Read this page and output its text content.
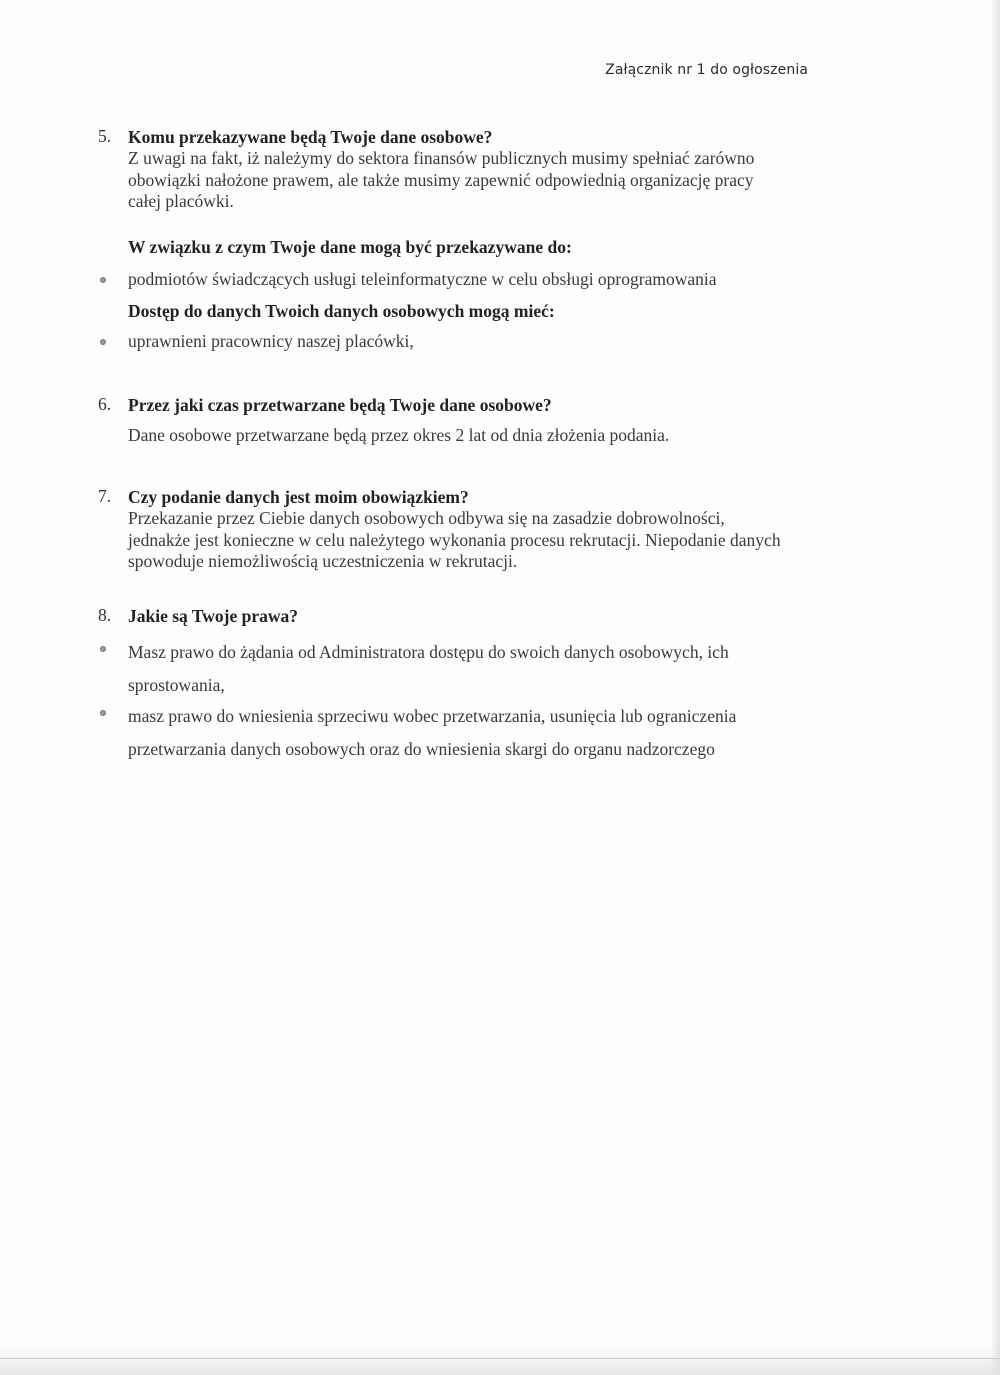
Załącznik nr 1 do ogłoszenia
5. Komu przekazywane będą Twoje dane osobowe?
Z uwagi na fakt, iż należymy do sektora finansów publicznych musimy spełniać zarówno
obowiązki nałożone prawem, ale także musimy zapewnić odpowiednią organizację pracy
całej placówki.
W związku z czym Twoje dane mogą być przekazywane do:
podmiotów świadczących usługi teleinformatyczne w celu obsługi oprogramowania
Dostęp do danych Twoich danych osobowych mogą mieć:
uprawnieni pracownicy naszej placówki,
6. Przez jaki czas przetwarzane będą Twoje dane osobowe?
Dane osobowe przetwarzane będą przez okres 2 lat od dnia złożenia podania.
7. Czy podanie danych jest moim obowiązkiem?
Przekazanie przez Ciebie danych osobowych odbywa się na zasadzie dobrowolności,
jednakże jest konieczne w celu należytego wykonania procesu rekrutacji. Niepodanie danych
spowoduje niemożliwością uczestniczenia w rekrutacji.
8. Jakie są Twoje prawa?
Masz prawo do żądania od Administratora dostępu do swoich danych osobowych, ich
sprostowania,
masz prawo do wniesienia sprzeciwu wobec przetwarzania, usunięcia lub ograniczenia
przetwarzania danych osobowych oraz do wniesienia skargi do organu nadzorczego
